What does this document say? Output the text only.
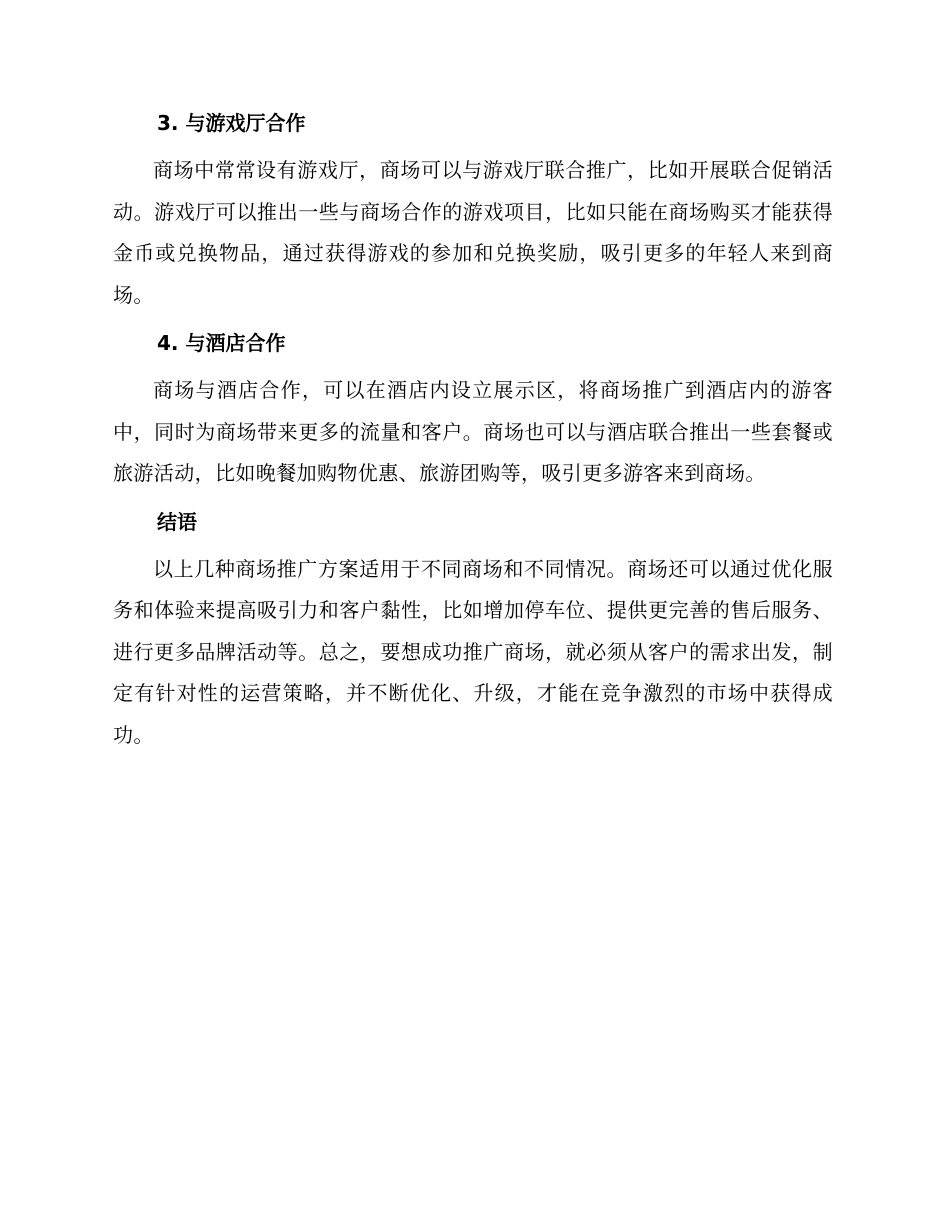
3. 与游戏厅合作

商场中常常设有游戏厅，商场可以与游戏厅联合推广，比如开展联合促销活动。游戏厅可以推出一些与商场合作的游戏项目，比如只能在商场购买才能获得金币或兑换物品，通过获得游戏的参加和兑换奖励，吸引更多的年轻人来到商场。

4. 与酒店合作

商场与酒店合作，可以在酒店内设立展示区，将商场推广到酒店内的游客中，同时为商场带来更多的流量和客户。商场也可以与酒店联合推出一些套餐或旅游活动，比如晚餐加购物优惠、旅游团购等，吸引更多游客来到商场。

结语

以上几种商场推广方案适用于不同商场和不同情况。商场还可以通过优化服务和体验来提高吸引力和客户黏性，比如增加停车位、提供更完善的售后服务、进行更多品牌活动等。总之，要想成功推广商场，就必须从客户的需求出发，制定有针对性的运营策略，并不断优化、升级，才能在竞争激烈的市场中获得成功。
